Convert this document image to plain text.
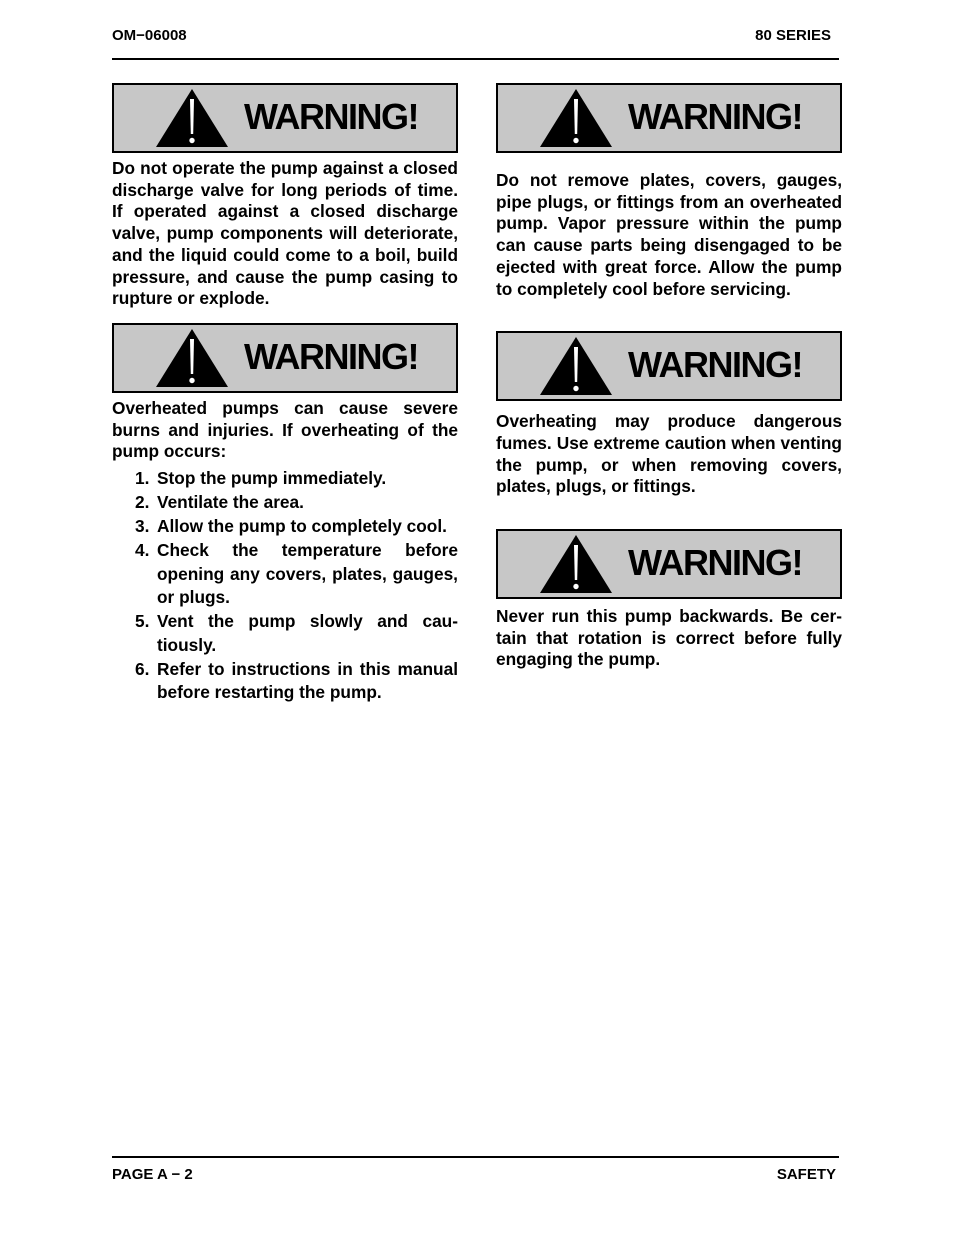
OM−06008	80 SERIES
WARNING!

Do not operate the pump against a closed discharge valve for long periods of time. If operated against a closed discharge valve, pump components will deteriorate, and the liquid could come to a boil, build pressure, and cause the pump casing to rupture or explode.

WARNING!

Overheated pumps can cause severe burns and injuries. If overheating of the pump occurs:

1. Stop the pump immediately.
2. Ventilate the area.
3. Allow the pump to completely cool.
4. Check the temperature before opening any covers, plates, gauges, or plugs.
5. Vent the pump slowly and cautiously.
6. Refer to instructions in this manual before restarting the pump.
WARNING!

Do not remove plates, covers, gauges, pipe plugs, or fittings from an overheated pump. Vapor pressure within the pump can cause parts being disengaged to be ejected with great force. Allow the pump to completely cool before servicing.

WARNING!

Overheating may produce dangerous fumes. Use extreme caution when venting the pump, or when removing covers, plates, plugs, or fittings.

WARNING!

Never run this pump backwards. Be certain that rotation is correct before fully engaging the pump.

PAGE A − 2	SAFETY
